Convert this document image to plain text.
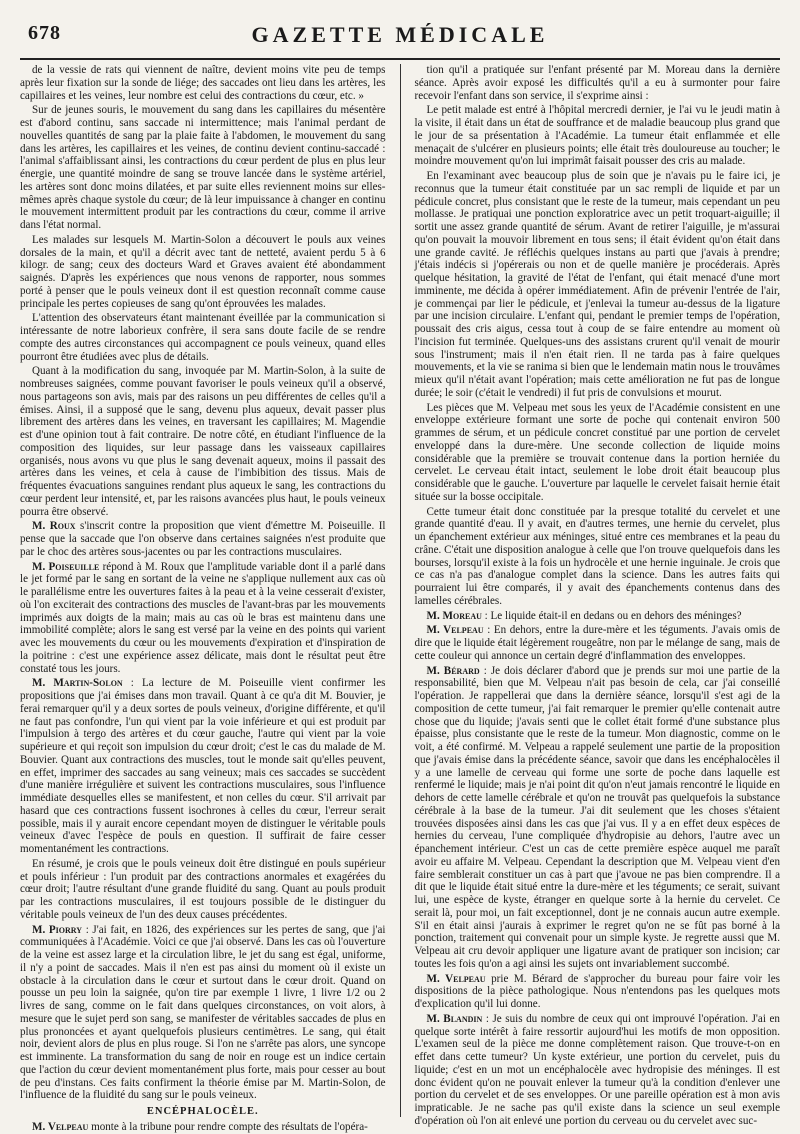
678	GAZETTE MÉDICALE

de la vessie de rats qui viennent de naître, devient moins vite peu de temps après leur fixation sur la sonde de liége; des saccades ont lieu dans les artères, les capillaires et les veines, leur nombre est celui des contractions du cœur, etc. »

Sur de jeunes souris, le mouvement du sang dans les capillaires du mésentère est d'abord continu, sans saccade ni intermittence; mais l'animal perdant de nouvelles quantités de sang par la plaie faite à l'abdomen, le mouvement du sang dans les artères, les capillaires et les veines, de continu devient continu-saccadé : l'animal s'affaiblissant ainsi, les contractions du cœur perdent de plus en plus leur énergie, une quantité moindre de sang se trouve lancée dans le système artériel, les artères sont donc moins dilatées, et par suite elles reviennent moins sur elles-mêmes après chaque systole du cœur; de là leur impuissance à changer en continu le mouvement intermittent produit par les contractions du cœur, comme il arrive dans l'état normal.

Les malades sur lesquels M. Martin-Solon a découvert le pouls aux veines dorsales de la main, et qu'il a décrit avec tant de netteté, avaient perdu 5 à 6 kilogr. de sang; ceux des docteurs Ward et Graves avaient été abondamment saignés. D'après les expériences que nous venons de rapporter, nous sommes porté à penser que le pouls veineux dont il est question reconnaît comme cause principale les pertes copieuses de sang qu'ont éprouvées les malades.

L'attention des observateurs étant maintenant éveillée par la communication si intéressante de notre laborieux confrère, il sera sans doute facile de se rendre compte des autres circonstances qui accompagnent ce pouls veineux, quand elles pourront être étudiées avec plus de détails.

Quant à la modification du sang, invoquée par M. Martin-Solon, à la suite de nombreuses saignées, comme pouvant favoriser le pouls veineux qu'il a observé, nous partageons son avis, mais par des raisons un peu différentes de celles qu'il a émises. Ainsi, il a supposé que le sang, devenu plus aqueux, devait passer plus librement des artères dans les veines, en traversant les capillaires; M. Magendie est d'une opinion tout à fait contraire. De notre côté, en étudiant l'influence de la composition des liquides, sur leur passage dans les vaisseaux capillaires organisés, nous avons vu que plus le sang devenait aqueux, moins il passait des artères dans les veines, et cela à cause de l'imbibition des tissus. Mais de fréquentes évacuations sanguines rendant plus aqueux le sang, les contractions du cœur perdent leur intensité, et, par les raisons avancées plus haut, le pouls veineux pourra être observé.

M. Roux s'inscrit contre la proposition que vient d'émettre M. Poiseuille. Il pense que la saccade que l'on observe dans certaines saignées n'est produite que par le choc des artères sous-jacentes ou par les contractions musculaires.

M. Poiseuille répond à M. Roux que l'amplitude variable dont il a parlé dans le jet formé par le sang en sortant de la veine ne s'applique nullement aux cas où le parallélisme entre les ouvertures faites à la peau et à la veine cesserait d'exister, où l'on exciterait des contractions des muscles de l'avant-bras par les mouvements imprimés aux doigts de la main; mais au cas où le bras est maintenu dans une immobilité complète; alors le sang est versé par la veine en des points qui varient avec les mouvements du cœur ou les mouvements d'expiration et d'inspiration de la poitrine : c'est une expérience assez délicate, mais dont le résultat peut être constaté tous les jours.

M. Martin-Solon : La lecture de M. Poiseuille vient confirmer les propositions que j'ai émises dans mon travail. Quant à ce qu'a dit M. Bouvier, je ferai remarquer qu'il y a deux sortes de pouls veineux, d'origine différente, et qu'il ne faut pas confondre, l'un qui vient par la voie inférieure et qui est produit par l'impulsion à tergo des artères et du cœur gauche, l'autre qui vient par la voie supérieure et qui reçoit son impulsion du cœur droit; c'est le cas du malade de M. Bouvier. Quant aux contractions des muscles, tout le monde sait qu'elles peuvent, en effet, imprimer des saccades au sang veineux; mais ces saccades se succèdent d'une manière irrégulière et suivent les contractions musculaires, sous l'influence immédiate desquelles elles se manifestent, et non celles du cœur. S'il arrivait par hasard que ces contractions fussent isochrones à celles du cœur, l'erreur serait possible, mais il y aurait encore cependant moyen de distinguer le véritable pouls veineux d'avec l'espèce de pouls en question. Il suffirait de faire cesser momentanément les contractions.

En résumé, je crois que le pouls veineux doit être distingué en pouls supérieur et pouls inférieur : l'un produit par des contractions anormales et exagérées du cœur droit; l'autre résultant d'une grande fluidité du sang. Quant au pouls produit par les contractions musculaires, il est toujours possible de le distinguer du véritable pouls veineux de l'un des deux causes précédentes.

M. Piorry : J'ai fait, en 1826, des expériences sur les pertes de sang, que j'ai communiquées à l'Académie. Voici ce que j'ai observé. Dans les cas où l'ouverture de la veine est assez large et la circulation libre, le jet du sang est égal, uniforme, il n'y a point de saccades. Mais il n'en est pas ainsi du moment où il existe un obstacle à la circulation dans le cœur et surtout dans le cœur droit. Quand on pousse un peu loin la saignée, qu'on tire par exemple 1 livre, 1 livre 1/2 ou 2 livres de sang, comme on le fait dans quelques circonstances, on voit alors, à mesure que le sujet perd son sang, se manifester de véritables saccades de plus en plus prononcées et ayant quelquefois plusieurs centimètres. Le sang, qui était noir, devient alors de plus en plus rouge. Si l'on ne s'arrête pas alors, une syncope est imminente. La transformation du sang de noir en rouge est un indice certain que l'action du cœur devient momentanément plus forte, mais pour cesser au bout de peu d'instans. Ces faits confirment la théorie émise par M. Martin-Solon, de l'influence de la fluidité du sang sur le pouls veineux.

ENCÉPHALOCÈLE.

M. Velpeau monte à la tribune pour rendre compte des résultats de l'opéra-

tion qu'il a pratiquée sur l'enfant présenté par M. Moreau dans la dernière séance. Après avoir exposé les difficultés qu'il a eu à surmonter pour faire recevoir l'enfant dans son service, il s'exprime ainsi :

Le petit malade est entré à l'hôpital mercredi dernier, je l'ai vu le jeudi matin à la visite, il était dans un état de souffrance et de maladie beaucoup plus grand que le jour de sa présentation à l'Académie. La tumeur était enflammée et elle menaçait de s'ulcérer en plusieurs points; elle était très douloureuse au toucher; le moindre mouvement qu'on lui imprimât faisait pousser des cris au malade.

En l'examinant avec beaucoup plus de soin que je n'avais pu le faire ici, je reconnus que la tumeur était constituée par un sac rempli de liquide et par un pédicule concret, plus consistant que le reste de la tumeur, mais cependant un peu mollasse. Je pratiquai une ponction exploratrice avec un petit troquart-aiguille; il sortit une assez grande quantité de sérum. Avant de retirer l'aiguille, je m'assurai qu'on pouvait la mouvoir librement en tous sens; il était évident qu'on était dans une grande cavité. Je réfléchis quelques instans au parti que j'avais à prendre; j'étais indécis si j'opérerais ou non et de quelle manière je procéderais. Après quelque hésitation, la gravité de l'état de l'enfant, qui était menacé d'une mort imminente, me décida à opérer immédiatement. Afin de prévenir l'entrée de l'air, je commençai par lier le pédicule, et j'enlevai la tumeur au-dessus de la ligature par une incision circulaire. L'enfant qui, pendant le premier temps de l'opération, poussait des cris aigus, cessa tout à coup de se faire entendre au moment où l'incision fut terminée. Quelques-uns des assistans crurent qu'il venait de mourir sous l'instrument; mais il n'en était rien. Il ne tarda pas à faire quelques mouvements, et la vie se ranima si bien que le lendemain matin nous le trouvâmes mieux qu'il n'était avant l'opération; mais cette amélioration ne fut pas de longue durée; le soir (c'était le vendredi) il fut pris de convulsions et mourut.

Les pièces que M. Velpeau met sous les yeux de l'Académie consistent en une enveloppe extérieure formant une sorte de poche qui contenait environ 500 grammes de sérum, et un pédicule concret constitué par une portion de cervelet enveloppé dans la dure-mère. Une seconde collection de liquide moins considérable que la première se trouvait contenue dans la portion herniée du cervelet. Le cerveau était intact, seulement le lobe droit était beaucoup plus considérable que le gauche. L'ouverture par laquelle le cervelet faisait hernie était située sur la bosse occipitale.

Cette tumeur était donc constituée par la presque totalité du cervelet et une grande quantité d'eau. Il y avait, en d'autres termes, une hernie du cervelet, plus un épanchement extérieur aux méninges, situé entre ces membranes et la peau du crâne. C'était une disposition analogue à celle que l'on trouve quelquefois dans les bourses, lorsqu'il existe à la fois un hydrocèle et une hernie inguinale. Je crois que ce cas n'a pas d'analogue complet dans la science. Dans les autres faits qui pourraient lui être comparés, il y avait des épanchements contenus dans des lamelles cérébrales.

M. Moreau : Le liquide était-il en dedans ou en dehors des méninges?

M. Velpeau : En dehors, entre la dure-mère et les téguments. J'avais omis de dire que le liquide était légèrement rougeâtre, non par le mélange de sang, mais de cette couleur qui annonce un certain degré d'inflammation des enveloppes.

M. Bérard : Je dois déclarer d'abord que je prends sur moi une partie de la responsabilité, bien que M. Velpeau n'ait pas besoin de cela, car j'ai conseillé l'opération. Je rappellerai que dans la dernière séance, lorsqu'il s'est agi de la composition de cette tumeur, j'ai fait remarquer le premier qu'elle contenait autre chose que du liquide; j'avais senti que le collet était formé d'une substance plus épaisse, plus consistante que le reste de la tumeur. Mon diagnostic, comme on le voit, a été confirmé. M. Velpeau a rappelé seulement une partie de la proposition que j'avais émise dans la précédente séance, savoir que dans les encéphalocèles il y a une lamelle de cerveau qui forme une sorte de poche dans laquelle est renfermé le liquide; mais je n'ai point dit qu'on n'eut jamais rencontré le liquide en dehors de cette lamelle cérébrale et qu'on ne trouvât pas quelquefois la substance cérébrale à la base de la tumeur. J'ai dit seulement que les choses s'étaient trouvées disposées ainsi dans les cas que j'ai vus. Il y a en effet deux espèces de hernies du cerveau, l'une compliquée d'hydropisie au dehors, l'autre avec un épanchement intérieur. C'est un cas de cette première espèce auquel me paraît avoir eu affaire M. Velpeau. Cependant la description que M. Velpeau vient d'en faire semblerait constituer un cas à part que j'avoue ne pas bien comprendre. Il a dit que le liquide était situé entre la dure-mère et les téguments; ce serait, suivant lui, une espèce de kyste, étranger en quelque sorte à la hernie du cervelet. Ce serait là, pour moi, un fait exceptionnel, dont je ne connais aucun autre exemple. S'il en était ainsi j'aurais à exprimer le regret qu'on ne se fût pas borné à la ponction, traitement qui convenait pour un simple kyste. Je regrette aussi que M. Velpeau ait cru devoir appliquer une ligature avant de pratiquer son incision; car toutes les fois qu'on a agi ainsi les sujets ont invariablement succombé.

M. Velpeau prie M. Bérard de s'approcher du bureau pour faire voir les dispositions de la pièce pathologique. Nous n'entendons pas les quelques mots d'explication qu'il lui donne.

M. Blandin : Je suis du nombre de ceux qui ont improuvé l'opération. J'ai en quelque sorte intérêt à faire ressortir aujourd'hui les motifs de mon opposition. L'examen seul de la pièce me donne complètement raison. Que trouve-t-on en effet dans cette tumeur? Un kyste extérieur, une portion du cervelet, puis du liquide; c'est en un mot un encéphalocèle avec hydropisie des méninges. Il est donc évident qu'on ne pouvait enlever la tumeur qu'à la condition d'enlever une portion du cervelet et de ses enveloppes. Or une pareille opération est à mon avis impraticable. Je ne sache pas qu'il existe dans la science un seul exemple d'opération où l'on ait enlevé une portion du cerveau ou du cervelet avec suc-
